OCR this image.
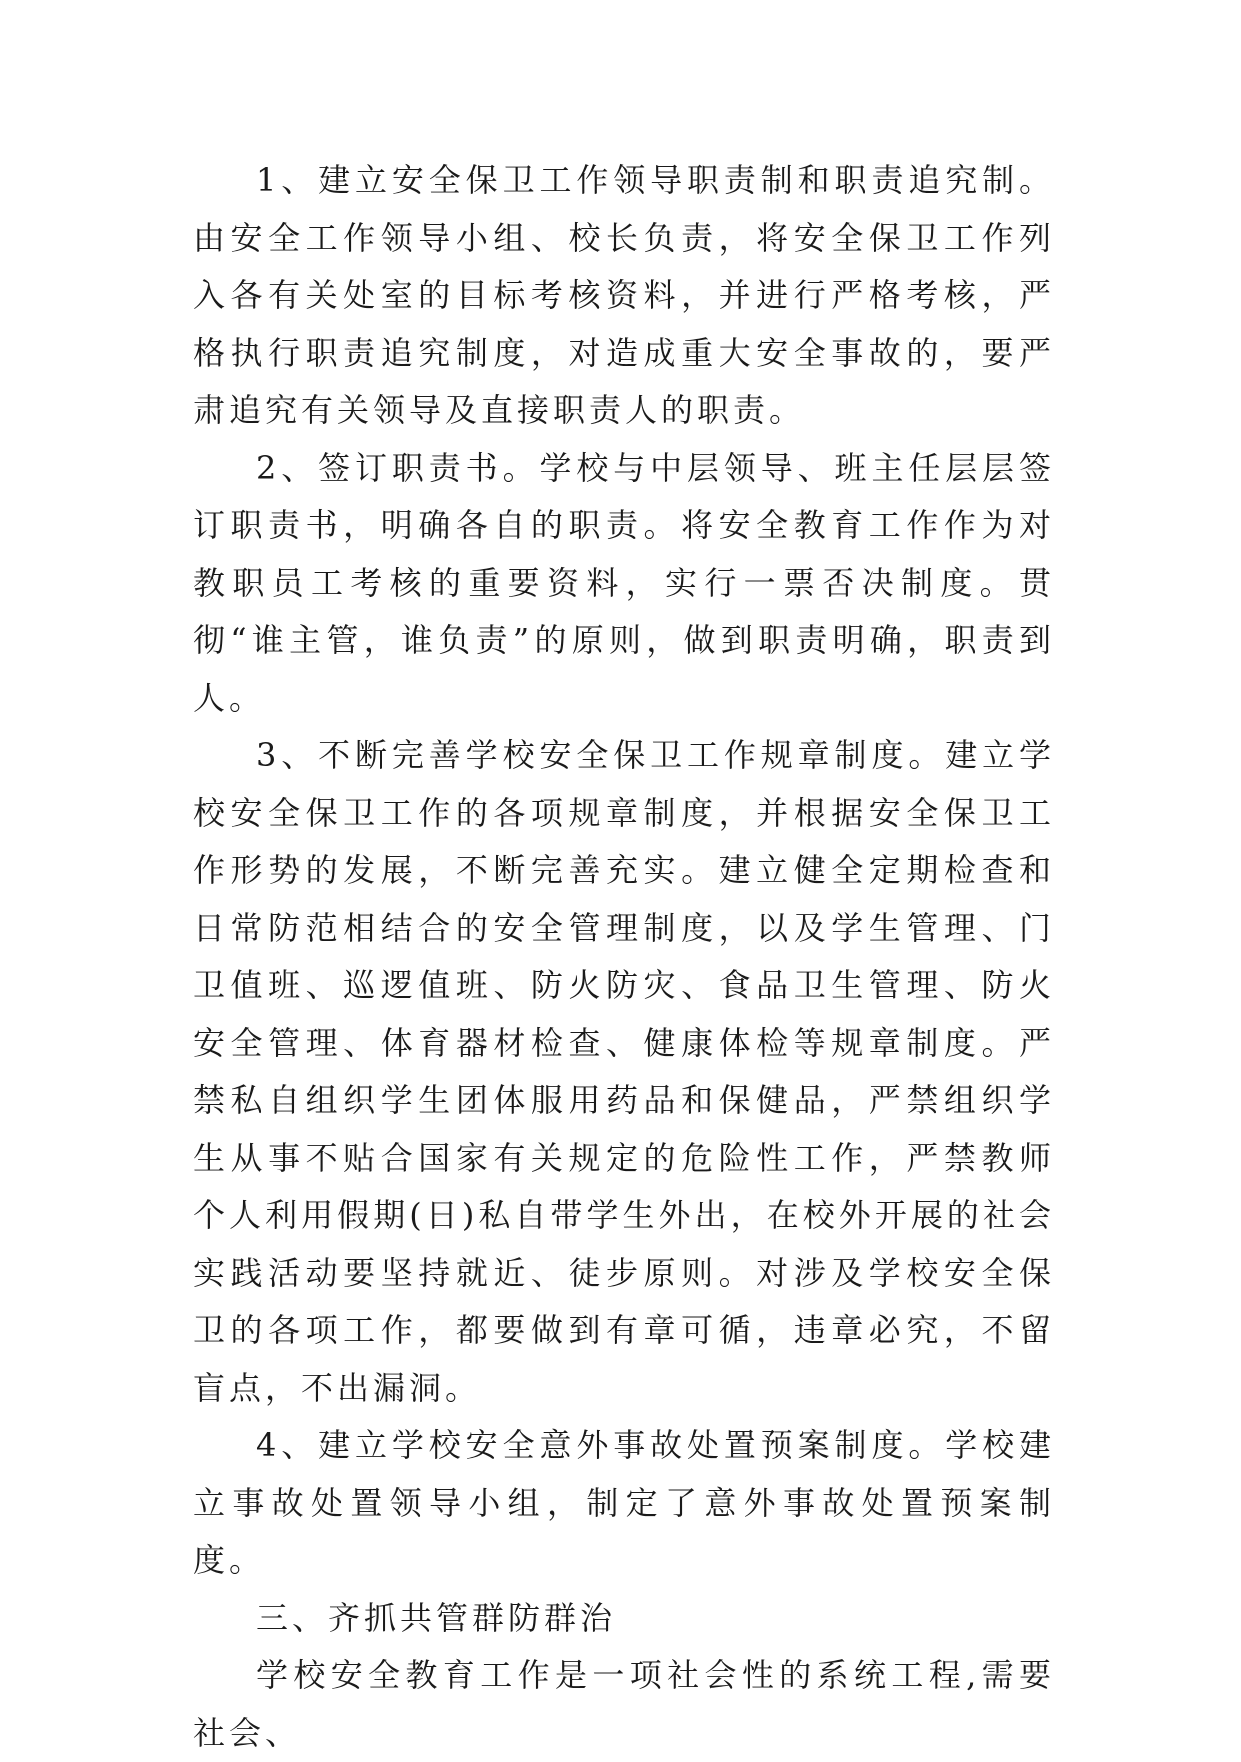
1、建立安全保卫工作领导职责制和职责追究制。由安全工作领导小组、校长负责，将安全保卫工作列入各有关处室的目标考核资料，并进行严格考核，严格执行职责追究制度，对造成重大安全事故的，要严肃追究有关领导及直接职责人的职责。

2、签订职责书。学校与中层领导、班主任层层签订职责书，明确各自的职责。将安全教育工作作为对教职员工考核的重要资料，实行一票否决制度。贯彻“谁主管，谁负责”的原则，做到职责明确，职责到人。

3、不断完善学校安全保卫工作规章制度。建立学校安全保卫工作的各项规章制度，并根据安全保卫工作形势的发展，不断完善充实。建立健全定期检查和日常防范相结合的安全管理制度，以及学生管理、门卫值班、巡逻值班、防火防灾、食品卫生管理、防火安全管理、体育器材检查、健康体检等规章制度。严禁私自组织学生团体服用药品和保健品，严禁组织学生从事不贴合国家有关规定的危险性工作，严禁教师个人利用假期(日)私自带学生外出，在校外开展的社会实践活动要坚持就近、徒步原则。对涉及学校安全保卫的各项工作，都要做到有章可循，违章必究，不留盲点，不出漏洞。

4、建立学校安全意外事故处置预案制度。学校建立事故处置领导小组，制定了意外事故处置预案制度。

三、齐抓共管群防群治

学校安全教育工作是一项社会性的系统工程,需要社会、
